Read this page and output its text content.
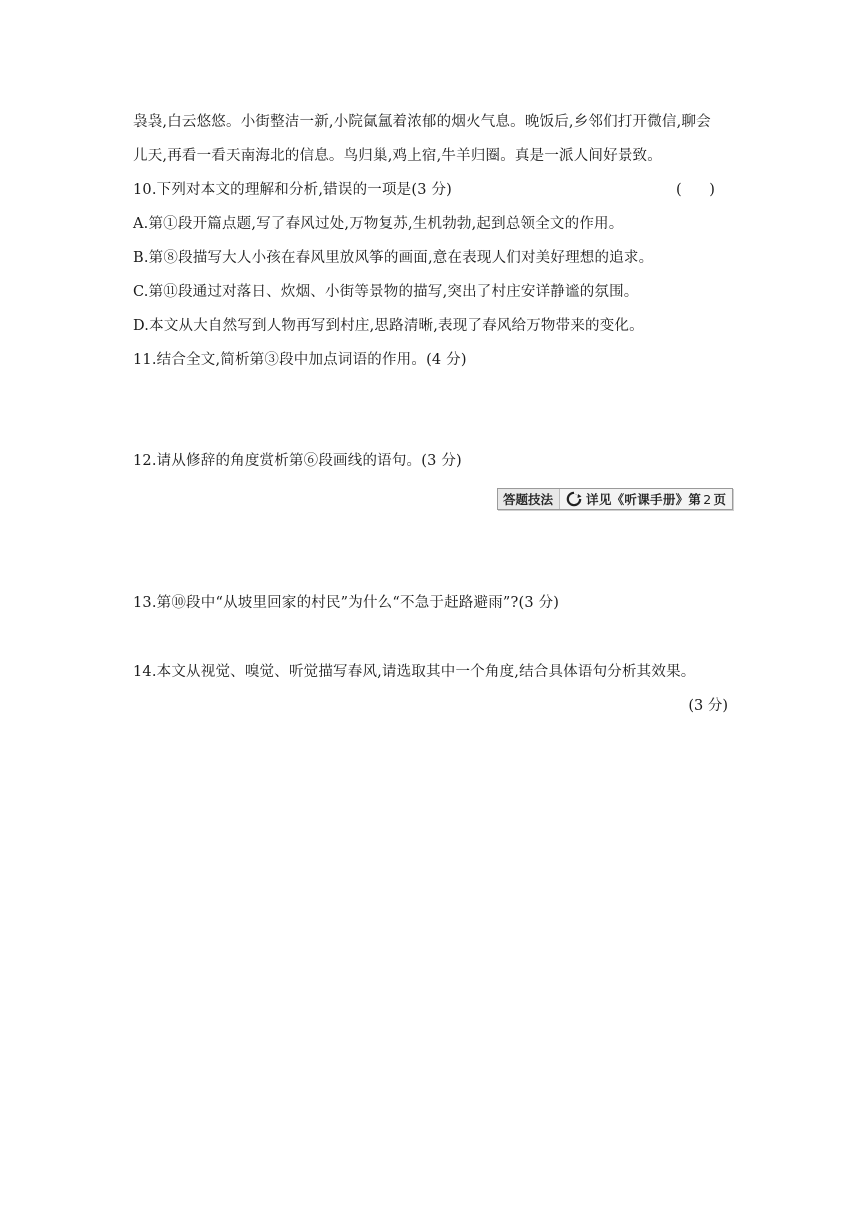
袅袅,白云悠悠。小街整洁一新,小院氤氲着浓郁的烟火气息。晚饭后,乡邻们打开微信,聊会
儿天,再看一看天南海北的信息。鸟归巢,鸡上宿,牛羊归圈。真是一派人间好景致。
10.下列对本文的理解和分析,错误的一项是(3 分)	(      )
A.第①段开篇点题,写了春风过处,万物复苏,生机勃勃,起到总领全文的作用。
B.第⑧段描写大人小孩在春风里放风筝的画面,意在表现人们对美好理想的追求。
C.第⑪段通过对落日、炊烟、小街等景物的描写,突出了村庄安详静谧的氛围。
D.本文从大自然写到人物再写到村庄,思路清晰,表现了春风给万物带来的变化。
11.结合全文,简析第③段中加点词语的作用。(4 分)
12.请从修辞的角度赏析第⑥段画线的语句。(3 分)
答题技法	详见《听课手册》第 2 页
13.第⑩段中“从坡里回家的村民”为什么“不急于赶路避雨”?(3 分)
14.本文从视觉、嗅觉、听觉描写春风,请选取其中一个角度,结合具体语句分析其效果。
(3 分)
